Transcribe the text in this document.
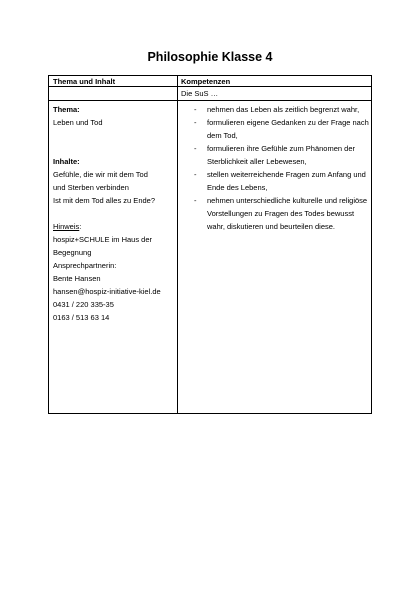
Philosophie Klasse 4
Thema und Inhalt	Kompetenzen
Die SuS …
Thema:
Leben und Tod
Inhalte:
Gefühle, die wir mit dem Tod
und Sterben verbinden
Ist mit dem Tod alles zu Ende?
Hinweis:
hospiz+SCHULE im Haus der
Begegnung
Ansprechpartnerin:
Bente Hansen
hansen@hospiz-initiative-kiel.de
0431 / 220 335-35
0163 / 513 63 14
- nehmen das Leben als zeitlich begrenzt wahr,
- formulieren eigene Gedanken zu der Frage nach dem Tod,
- formulieren ihre Gefühle zum Phänomen der Sterblichkeit aller Lebewesen,
- stellen weiterreichende Fragen zum Anfang und Ende des Lebens,
- nehmen unterschiedliche kulturelle und religiöse Vorstellungen zu Fragen des Todes bewusst wahr, diskutieren und beurteilen diese.
